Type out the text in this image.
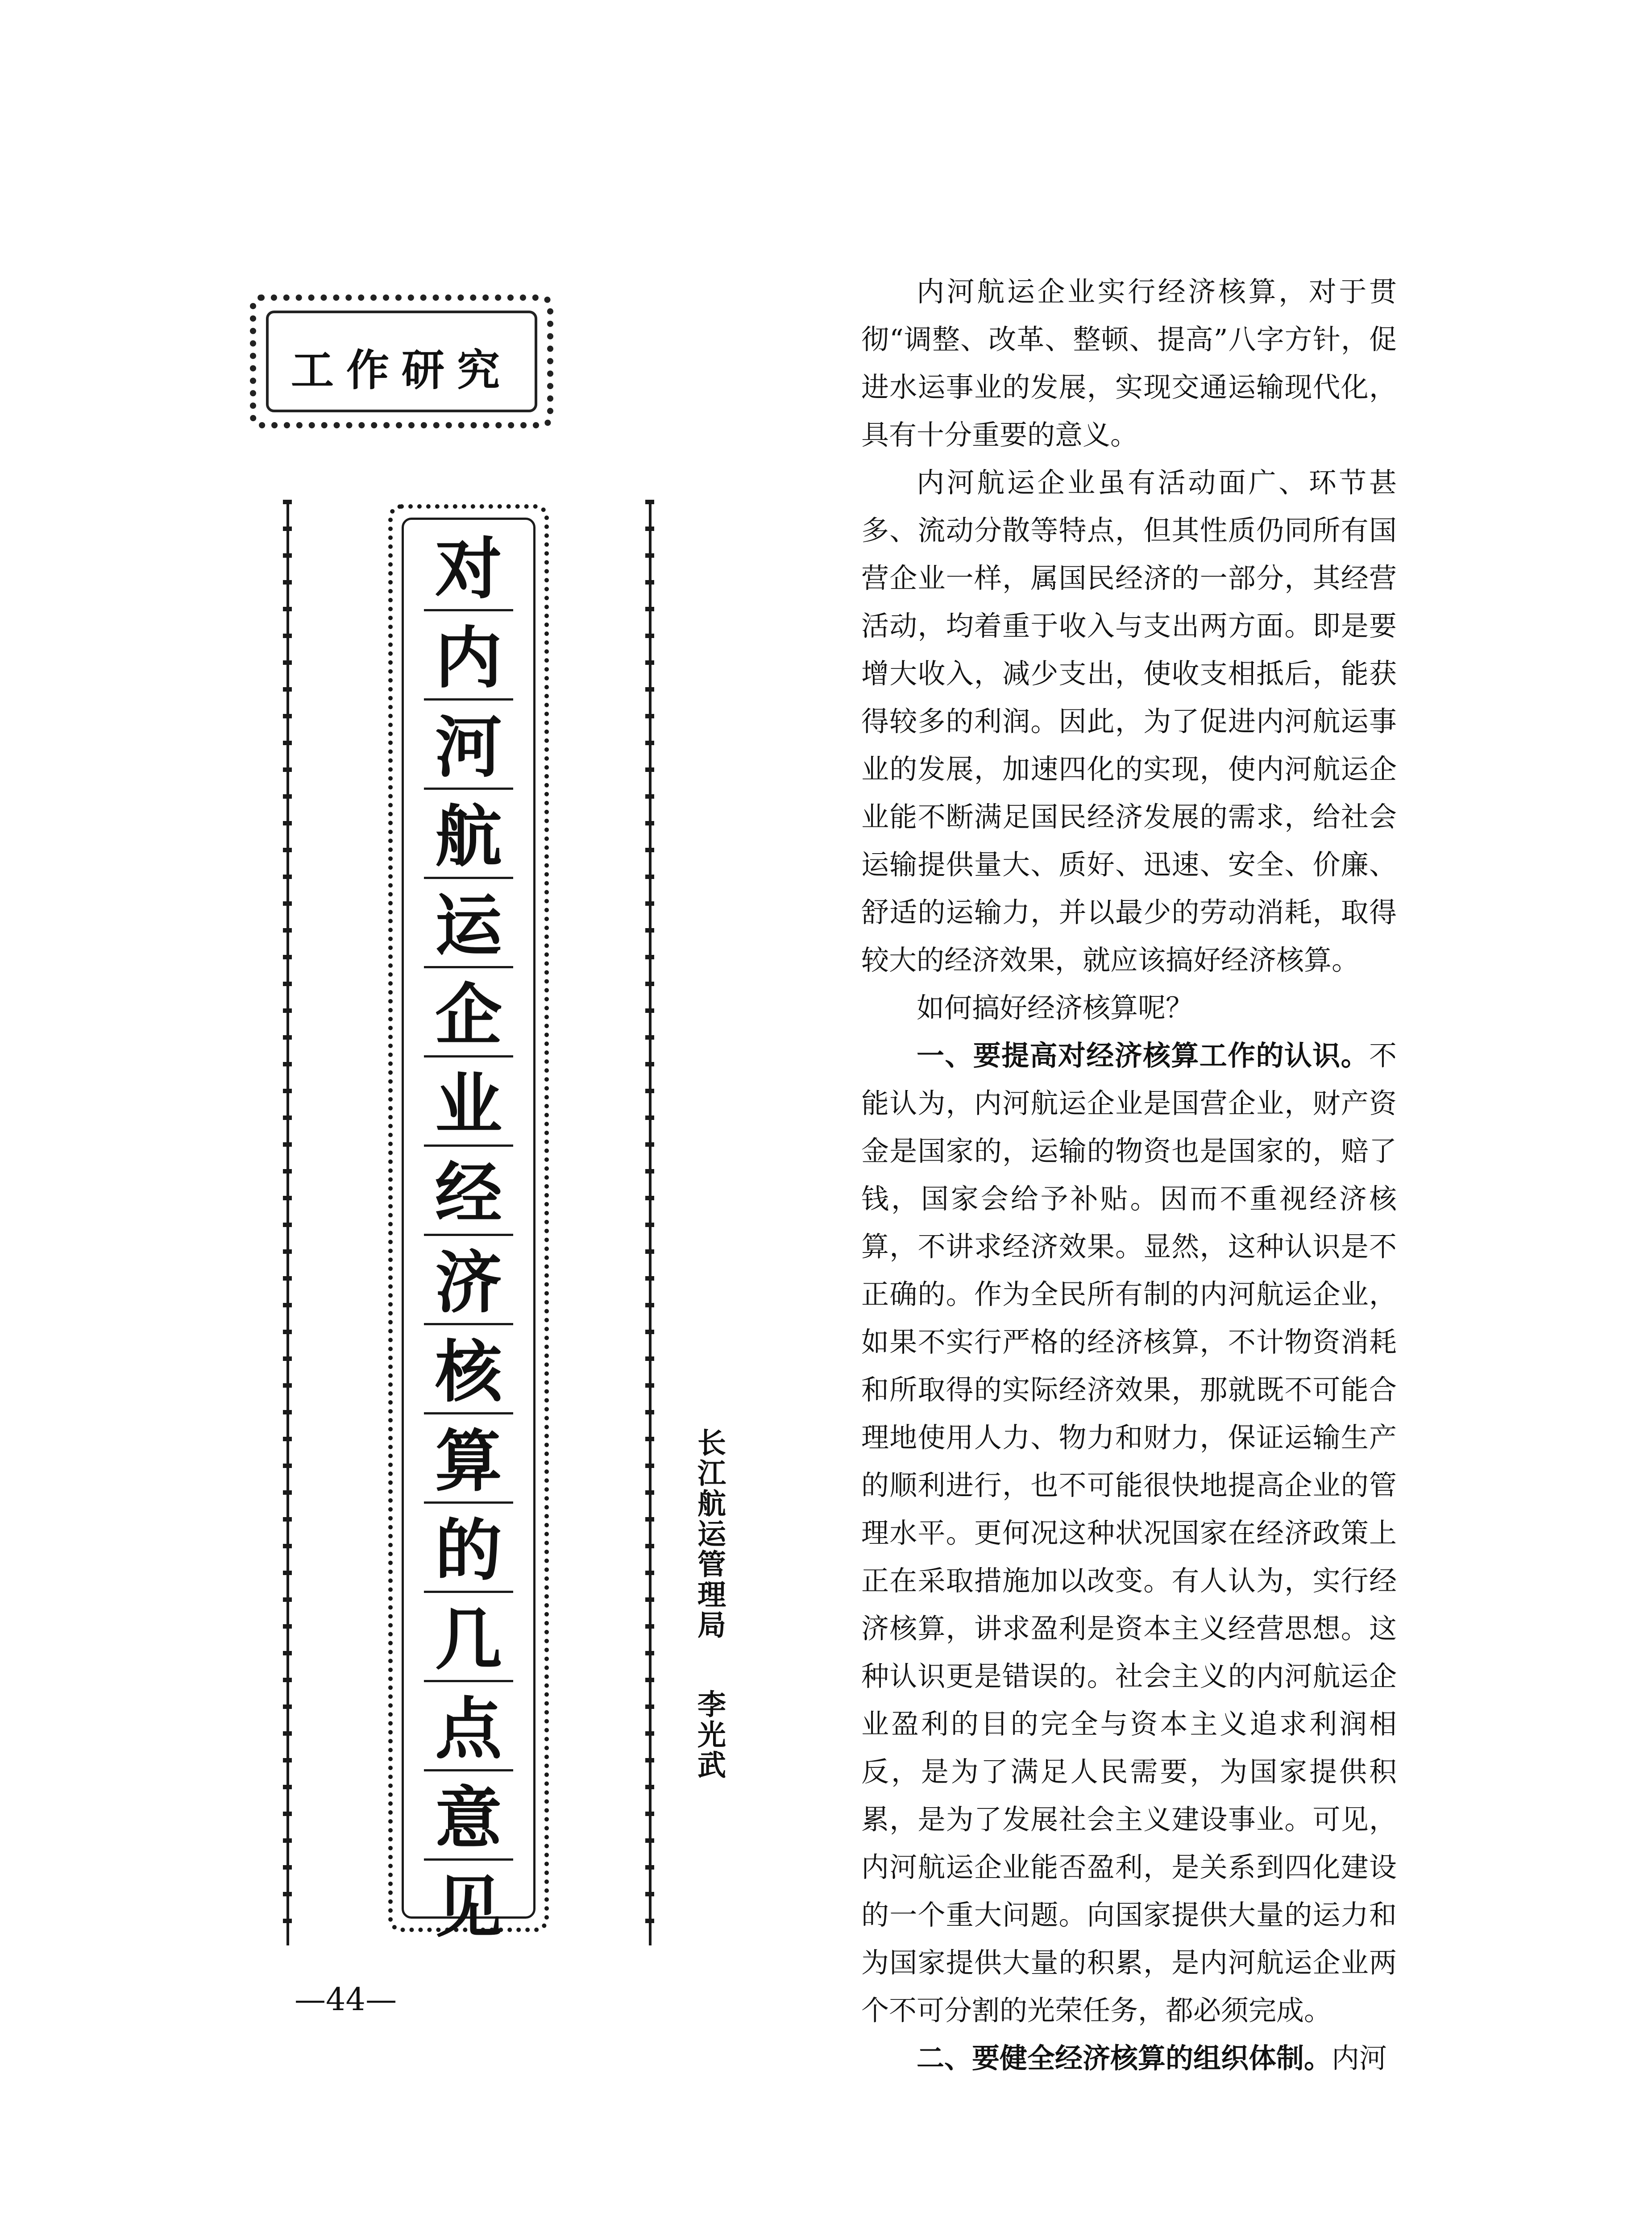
工作研究
对
内
河
航
运
企
业
经
济
核
算
的
几
点
意
见
长江航运管理局李光武

内河航运企业实行经济核算，对于贯彻“调整、改革、整顿、提高”八字方针，促进水运事业的发展，实现交通运输现代化，具有十分重要的意义。

内河航运企业虽有活动面广、环节甚多、流动分散等特点，但其性质仍同所有国营企业一样，属国民经济的一部分，其经营活动，均着重于收入与支出两方面。即是要增大收入，减少支出，使收支相抵后，能获得较多的利润。因此，为了促进内河航运事业的发展，加速四化的实现，使内河航运企业能不断满足国民经济发展的需求，给社会运输提供量大、质好、迅速、安全、价廉、舒适的运输力，并以最少的劳动消耗，取得较大的经济效果，就应该搞好经济核算。

如何搞好经济核算呢？

一、要提高对经济核算工作的认识。不能认为，内河航运企业是国营企业，财产资金是国家的，运输的物资也是国家的，赔了钱，国家会给予补贴。因而不重视经济核算，不讲求经济效果。显然，这种认识是不正确的。作为全民所有制的内河航运企业，如果不实行严格的经济核算，不计物资消耗和所取得的实际经济效果，那就既不可能合理地使用人力、物力和财力，保证运输生产的顺利进行，也不可能很快地提高企业的管理水平。更何况这种状况国家在经济政策上正在采取措施加以改变。有人认为，实行经济核算，讲求盈利是资本主义经营思想。这种认识更是错误的。社会主义的内河航运企业盈利的目的完全与资本主义追求利润相反，是为了满足人民需要，为国家提供积累，是为了发展社会主义建设事业。可见，内河航运企业能否盈利，是关系到四化建设的一个重大问题。向国家提供大量的运力和为国家提供大量的积累，是内河航运企业两个不可分割的光荣任务，都必须完成。

二、要健全经济核算的组织体制。内河

—44—
